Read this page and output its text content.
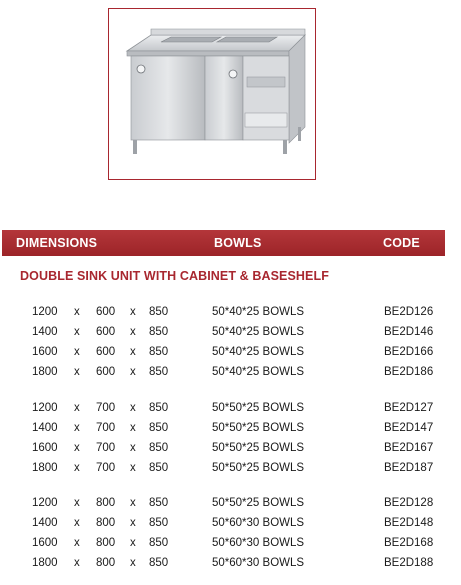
DIMENSIONS	BOWLS	CODE
DOUBLE SINK UNIT WITH CABINET & BASESHELF
1200 x 600 x 850	50*40*25 BOWLS	BE2D126
1400 x 600 x 850	50*40*25 BOWLS	BE2D146
1600 x 600 x 850	50*40*25 BOWLS	BE2D166
1800 x 600 x 850	50*40*25 BOWLS	BE2D186
1200 x 700 x 850	50*50*25 BOWLS	BE2D127
1400 x 700 x 850	50*50*25 BOWLS	BE2D147
1600 x 700 x 850	50*50*25 BOWLS	BE2D167
1800 x 700 x 850	50*50*25 BOWLS	BE2D187
1200 x 800 x 850	50*50*25 BOWLS	BE2D128
1400 x 800 x 850	50*60*30 BOWLS	BE2D148
1600 x 800 x 850	50*60*30 BOWLS	BE2D168
1800 x 800 x 850	50*60*30 BOWLS	BE2D188
